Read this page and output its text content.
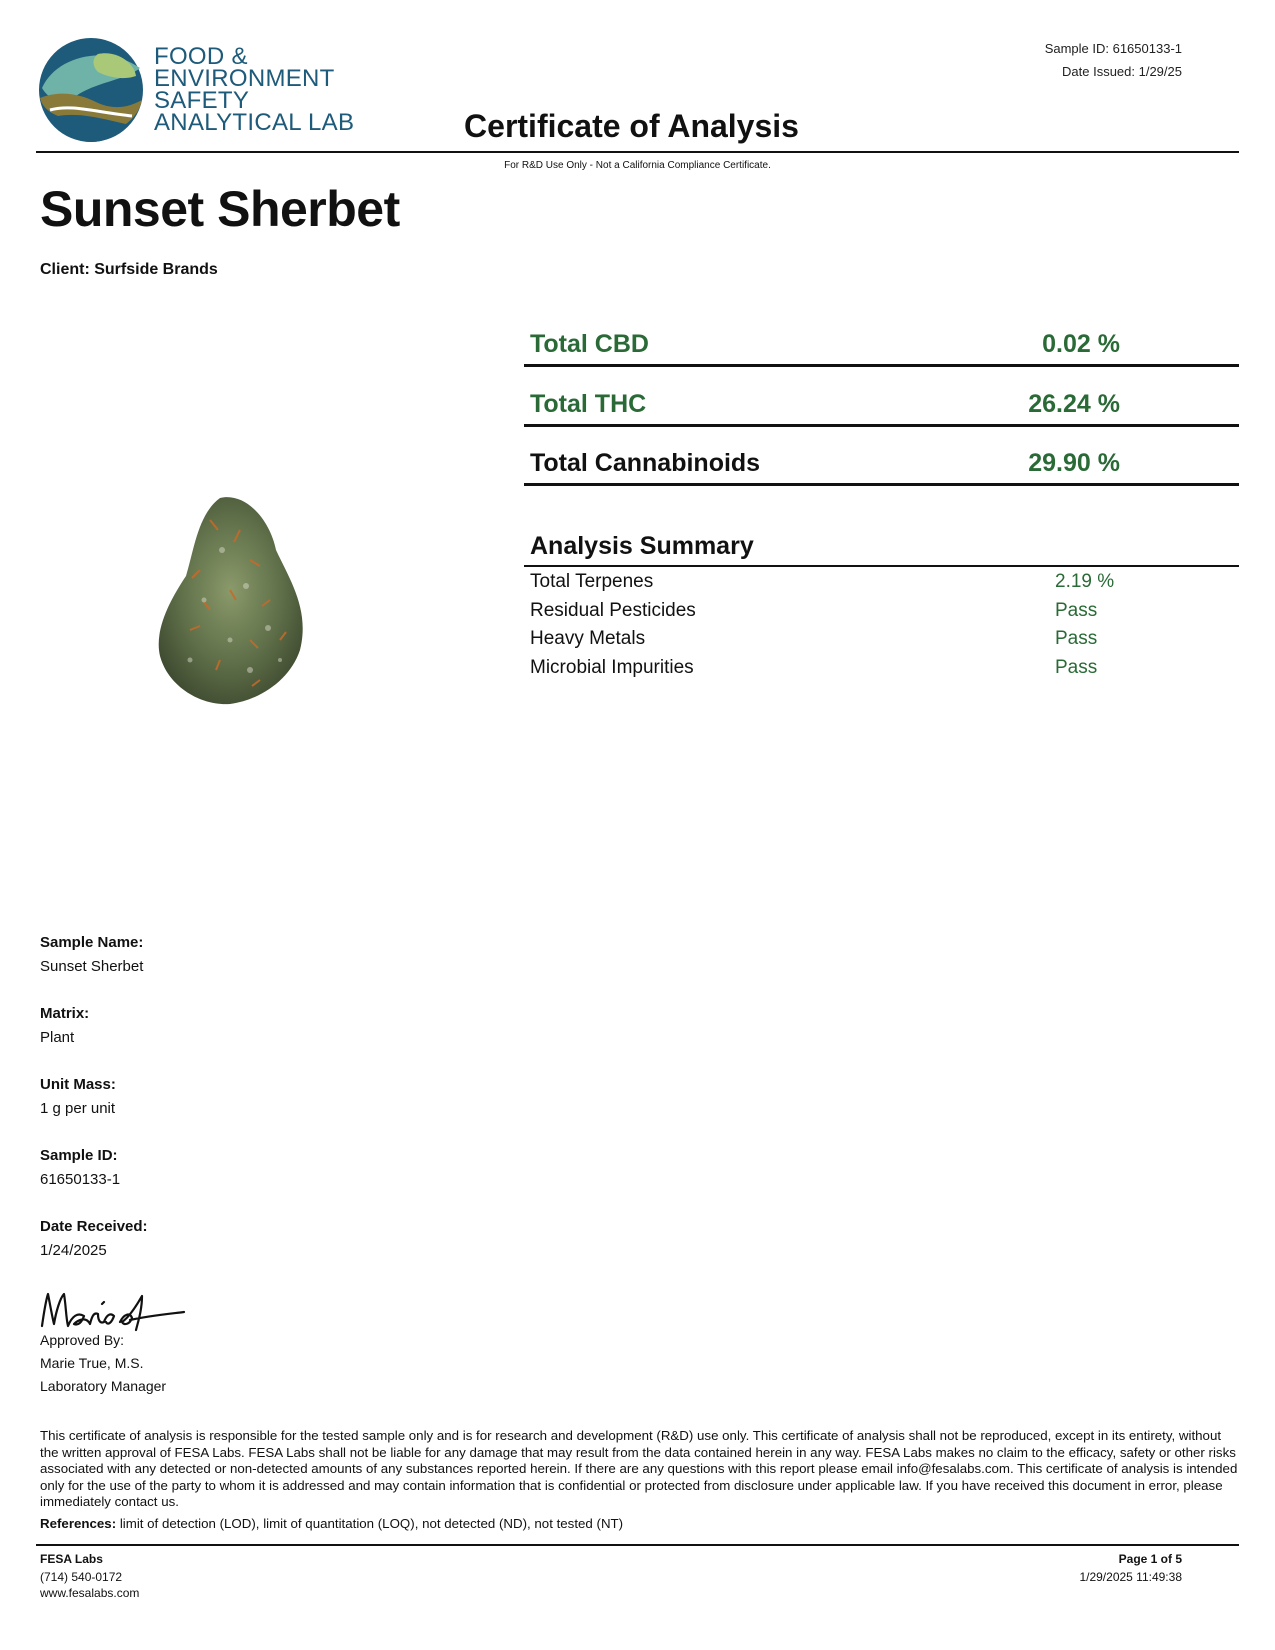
FOOD &
ENVIRONMENT
SAFETY
ANALYTICAL LAB
Sample ID: 61650133-1
Date Issued: 1/29/25
Certificate of Analysis
For R&D Use Only - Not a California Compliance Certificate.
Sunset Sherbet
Client: Surfside Brands
Total CBD	0.02 %
Total THC	26.24 %
Total Cannabinoids	29.90 %
Analysis Summary
Total Terpenes	2.19 %
Residual Pesticides	Pass
Heavy Metals	Pass
Microbial Impurities	Pass
Sample Name:
Sunset Sherbet
Matrix:
Plant
Unit Mass:
1 g per unit
Sample ID:
61650133-1
Date Received:
1/24/2025
Approved By:
Marie True, M.S.
Laboratory Manager
This certificate of analysis is responsible for the tested sample only and is for research and development (R&D) use only. This certificate of analysis shall not be reproduced, except in its entirety, without the written approval of FESA Labs. FESA Labs shall not be liable for any damage that may result from the data contained herein in any way. FESA Labs makes no claim to the efficacy, safety or other risks associated with any detected or non-detected amounts of any substances reported herein. If there are any questions with this report please email info@fesalabs.com. This certificate of analysis is intended only for the use of the party to whom it is addressed and may contain information that is confidential or protected from disclosure under applicable law. If you have received this document in error, please immediately contact us.
References: limit of detection (LOD), limit of quantitation (LOQ), not detected (ND), not tested (NT)
FESA Labs
(714) 540-0172
www.fesalabs.com
Page 1 of 5
1/29/2025 11:49:38
